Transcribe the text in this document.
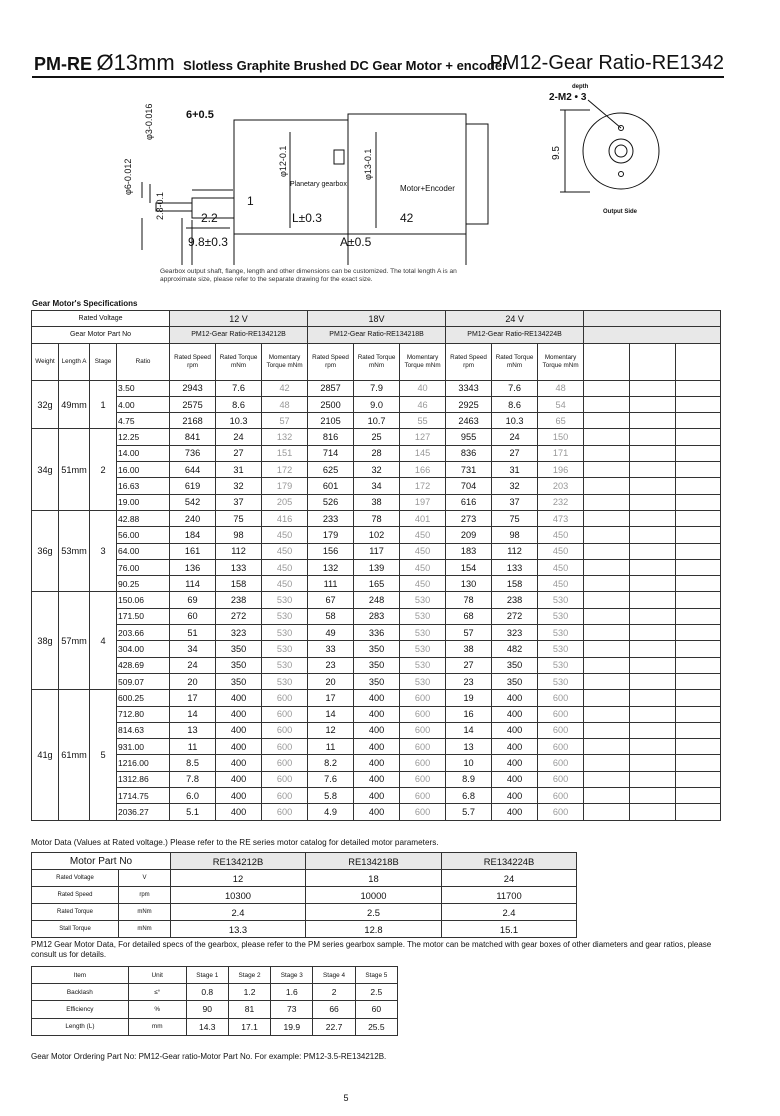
PM-RE Ø13mm Slotless Graphite Brushed DC Gear Motor + encoder
PM12-Gear Ratio-RE1342
φ3-0.016
φ6-0.012
6+0.5
φ12-0.1	φ13-0.1
2.8-0.1	1
Planetary gearbox	Motor+Encoder
2.2	L±0.3	42
9.8±0.3	A±0.5
depth
2-M2 • 3
9.5
Output Side
Gearbox output shaft, flange, length and other dimensions can be customized. The total length A is an approximate size, please refer to the separate drawing for the exact size.
Gear Motor's Specifications
Rated Voltage				12 V			18V			24 V					
Gear Motor Part No				PM12-Gear Ratio-RE134212B			PM12-Gear Ratio-RE134218B			PM12-Gear Ratio-RE134224B					
Weight	Length A	Stage	Ratio	Rated Speed rpm	Rated Torque mNm	Momentary Torque mNm	Rated Speed rpm	Rated Torque mNm	Momentary Torque mNm	Rated Speed rpm	Rated Torque mNm	Momentary Torque mNm			
32g	49mm	1	3.50	2943	7.6	42	2857	7.9	40	3343	7.6	48			
			4.00	2575	8.6	48	2500	9.0	46	2925	8.6	54			
			4.75	2168	10.3	57	2105	10.7	55	2463	10.3	65			
34g	51mm	2	12.25	841	24	132	816	25	127	955	24	150			
			14.00	736	27	151	714	28	145	836	27	171			
			16.00	644	31	172	625	32	166	731	31	196			
			16.63	619	32	179	601	34	172	704	32	203			
			19.00	542	37	205	526	38	197	616	37	232			
36g	53mm	3	42.88	240	75	416	233	78	401	273	75	473			
			56.00	184	98	450	179	102	450	209	98	450			
			64.00	161	112	450	156	117	450	183	112	450			
			76.00	136	133	450	132	139	450	154	133	450			
			90.25	114	158	450	111	165	450	130	158	450			
38g	57mm	4	150.06	69	238	530	67	248	530	78	238	530			
			171.50	60	272	530	58	283	530	68	272	530			
			203.66	51	323	530	49	336	530	57	323	530			
			304.00	34	350	530	33	350	530	38	482	530			
			428.69	24	350	530	23	350	530	27	350	530			
			509.07	20	350	530	20	350	530	23	350	530			
41g	61mm	5	600.25	17	400	600	17	400	600	19	400	600			
			712.80	14	400	600	14	400	600	16	400	600			
			814.63	13	400	600	12	400	600	14	400	600			
			931.00	11	400	600	11	400	600	13	400	600			
			1216.00	8.5	400	600	8.2	400	600	10	400	600			
			1312.86	7.8	400	600	7.6	400	600	8.9	400	600			
			1714.75	6.0	400	600	5.8	400	600	6.8	400	600			
			2036.27	5.1	400	600	4.9	400	600	5.7	400	600			
Motor Data (Values at Rated voltage.) Please refer to the RE series motor catalog for detailed motor parameters.
Motor Part No		RE134212B	RE134218B	RE134224B
Rated Voltage	V	12	18	24
Rated Speed	rpm	10300	10000	11700
Rated Torque	mNm	2.4	2.5	2.4
Stall Torque	mNm	13.3	12.8	15.1
PM12 Gear Motor Data, For detailed specs of the gearbox, please refer to the PM series gearbox sample. The motor can be matched with gear boxes of other diameters and gear ratios, please consult us for details.
Item	Unit	Stage 1	Stage 2	Stage 3	Stage 4	Stage 5
Backlash	≤°	0.8	1.2	1.6	2	2.5
Efficiency	%	90	81	73	66	60
Length (L)	mm	14.3	17.1	19.9	22.7	25.5
Gear Motor Ordering Part No: PM12-Gear ratio-Motor Part No. For example: PM12-3.5-RE134212B.
5
